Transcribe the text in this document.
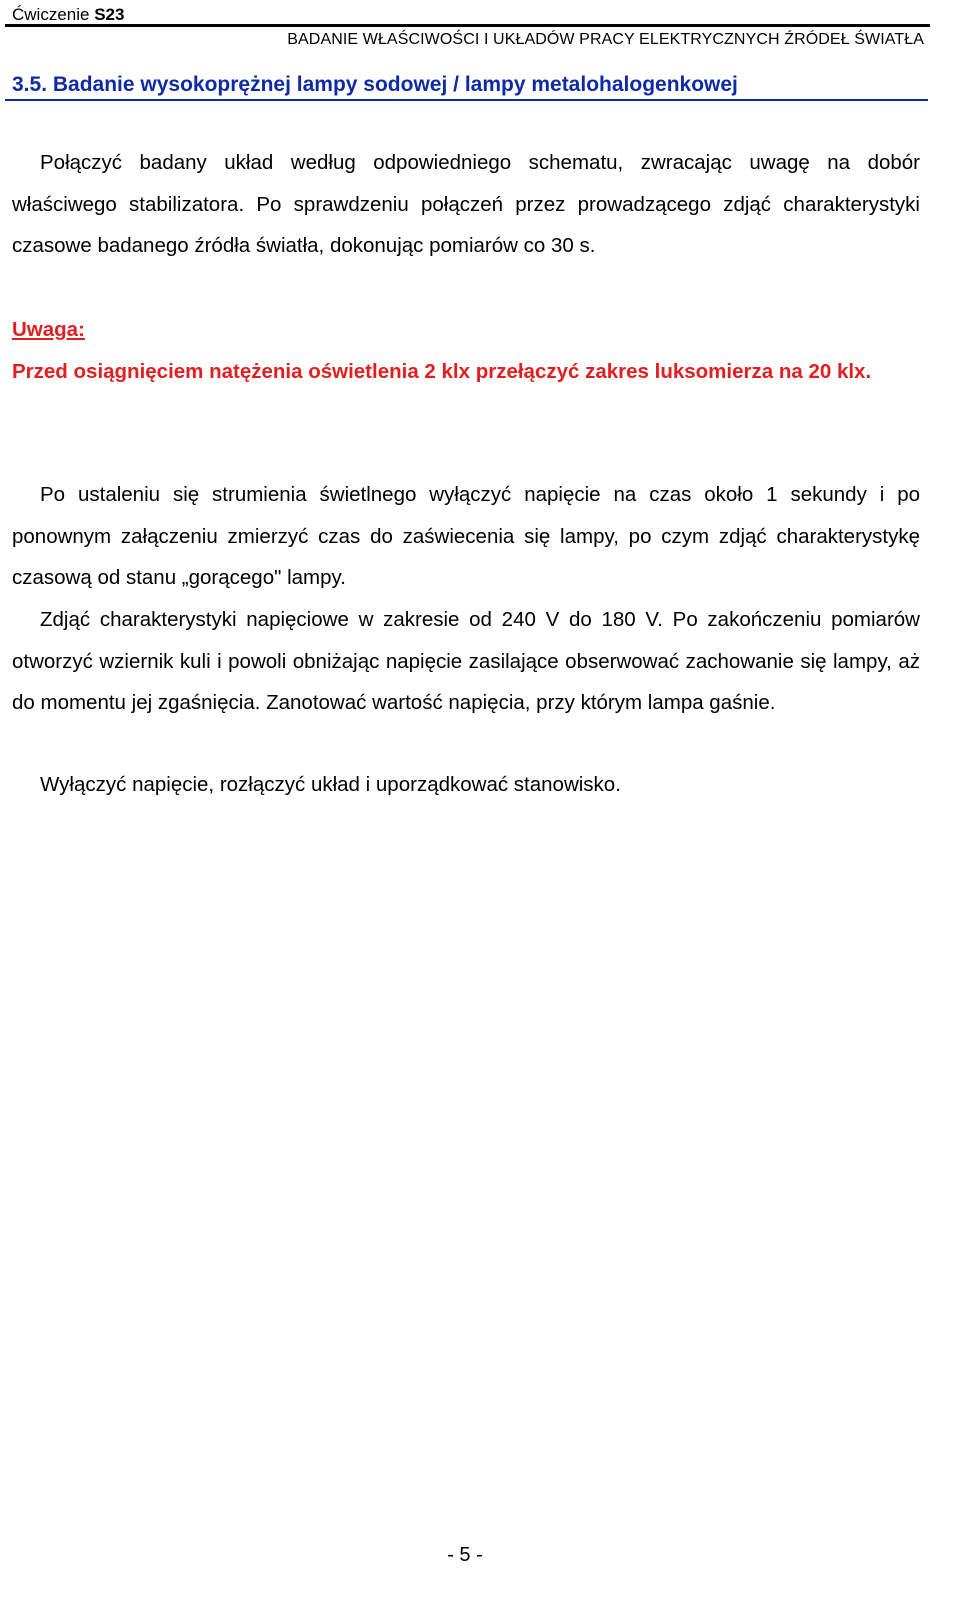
Ćwiczenie S23
BADANIE WŁAŚCIWOŚCI I UKŁADÓW PRACY ELEKTRYCZNYCH ŹRÓDEŁ ŚWIATŁA
3.5. Badanie wysokoprężnej lampy sodowej / lampy metalohalogenkowej

Połączyć badany układ według odpowiedniego schematu, zwracając uwagę na dobór właściwego stabilizatora. Po sprawdzeniu połączeń przez prowadzącego zdjąć charakterystyki czasowe badanego źródła światła, dokonując pomiarów co 30 s.

Uwaga:

Przed osiągnięciem natężenia oświetlenia 2 klx przełączyć zakres luksomierza na 20 klx.

Po ustaleniu się strumienia świetlnego wyłączyć napięcie na czas około 1 sekundy i po ponownym załączeniu zmierzyć czas do zaświecenia się lampy, po czym zdjąć charakterystykę czasową od stanu „gorącego" lampy.

Zdjąć charakterystyki napięciowe w zakresie od 240 V do 180 V. Po zakończeniu pomiarów otworzyć wziernik kuli i powoli obniżając napięcie zasilające obserwować zachowanie się lampy, aż do momentu jej zgaśnięcia. Zanotować wartość napięcia, przy którym lampa gaśnie.

Wyłączyć napięcie, rozłączyć układ i uporządkować stanowisko.

- 5 -
